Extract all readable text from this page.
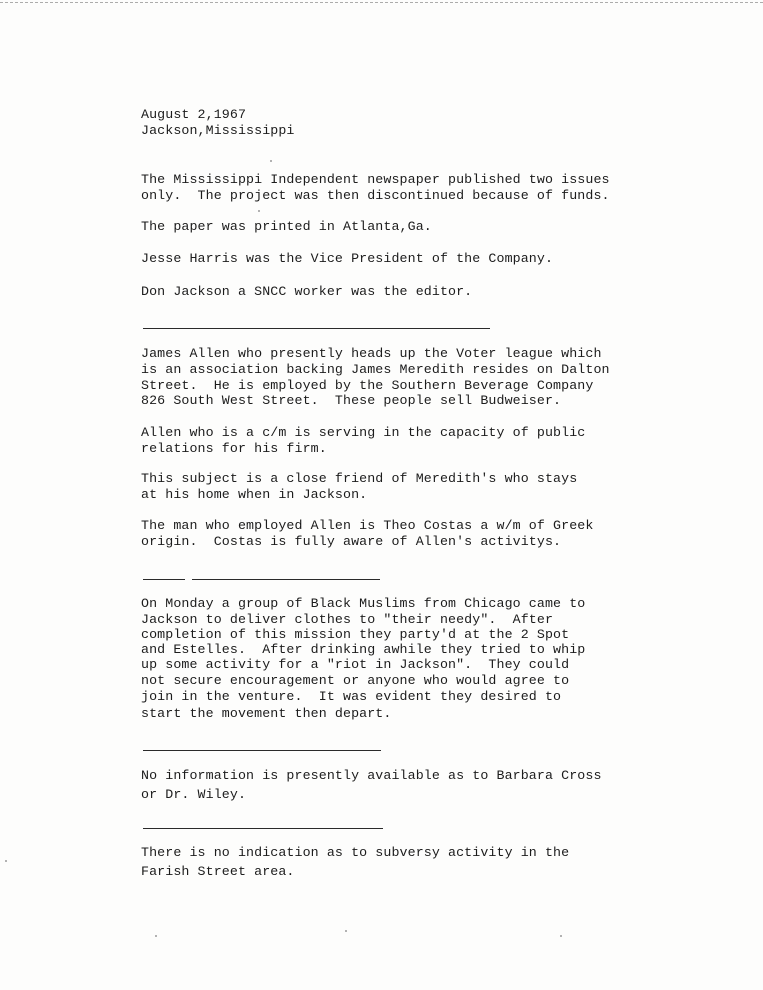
August 2,1967
Jackson,Mississippi
The Mississippi Independent newspaper published two issues
only.  The project was then discontinued because of funds.
The paper was printed in Atlanta,Ga.
Jesse Harris was the Vice President of the Company.
Don Jackson a SNCC worker was the editor.
James Allen who presently heads up the Voter league which
is an association backing James Meredith resides on Dalton
Street.  He is employed by the Southern Beverage Company
826 South West Street.  These people sell Budweiser.
Allen who is a c/m is serving in the capacity of public
relations for his firm.
This subject is a close friend of Meredith's who stays
at his home when in Jackson.
The man who employed Allen is Theo Costas a w/m of Greek
origin.  Costas is fully aware of Allen's activitys.
On Monday a group of Black Muslims from Chicago came to
Jackson to deliver clothes to "their needy".  After
completion of this mission they party'd at the 2 Spot
and Estelles.  After drinking awhile they tried to whip
up some activity for a "riot in Jackson".  They could
not secure encouragement or anyone who would agree to
join in the venture.  It was evident they desired to
start the movement then depart.
No information is presently available as to Barbara Cross
or Dr. Wiley.
There is no indication as to subversy activity in the
Farish Street area.
